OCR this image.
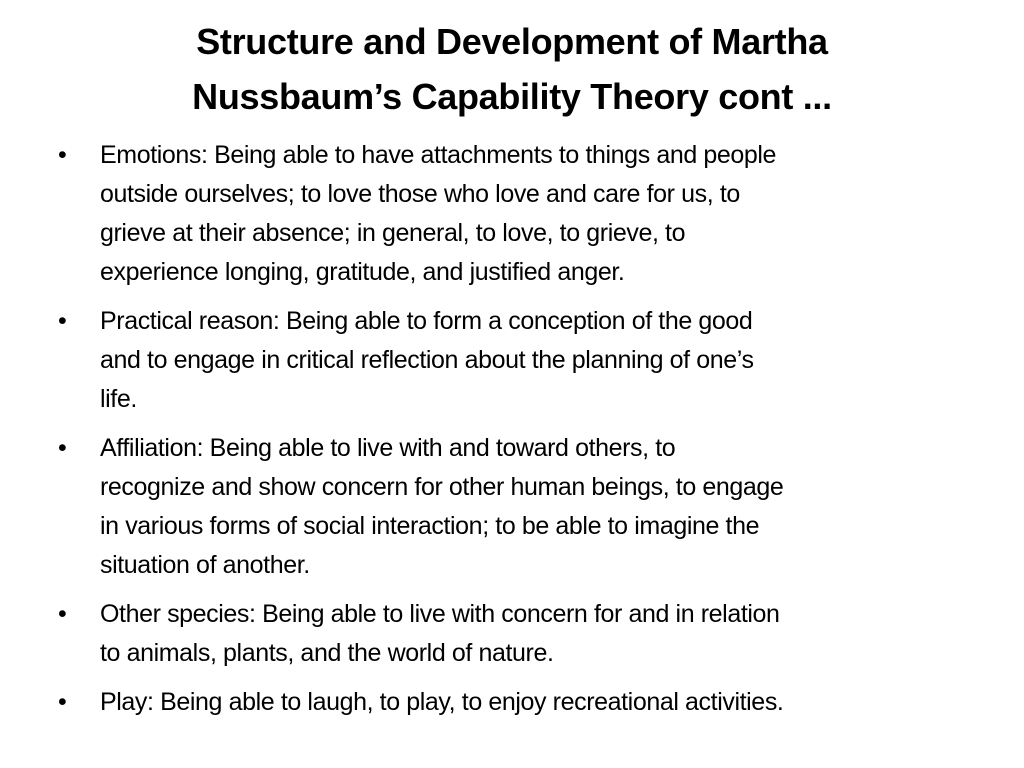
Structure and Development of Martha
Nussbaum’s Capability Theory cont ...
• Emotions: Being able to have attachments to things and people
outside ourselves; to love those who love and care for us, to
grieve at their absence; in general, to love, to grieve, to
experience longing, gratitude, and justified anger.
• Practical reason: Being able to form a conception of the good
and to engage in critical reflection about the planning of one’s
life.
• Affiliation: Being able to live with and toward others, to
recognize and show concern for other human beings, to engage
in various forms of social interaction; to be able to imagine the
situation of another.
• Other species: Being able to live with concern for and in relation
to animals, plants, and the world of nature.
• Play: Being able to laugh, to play, to enjoy recreational activities.
